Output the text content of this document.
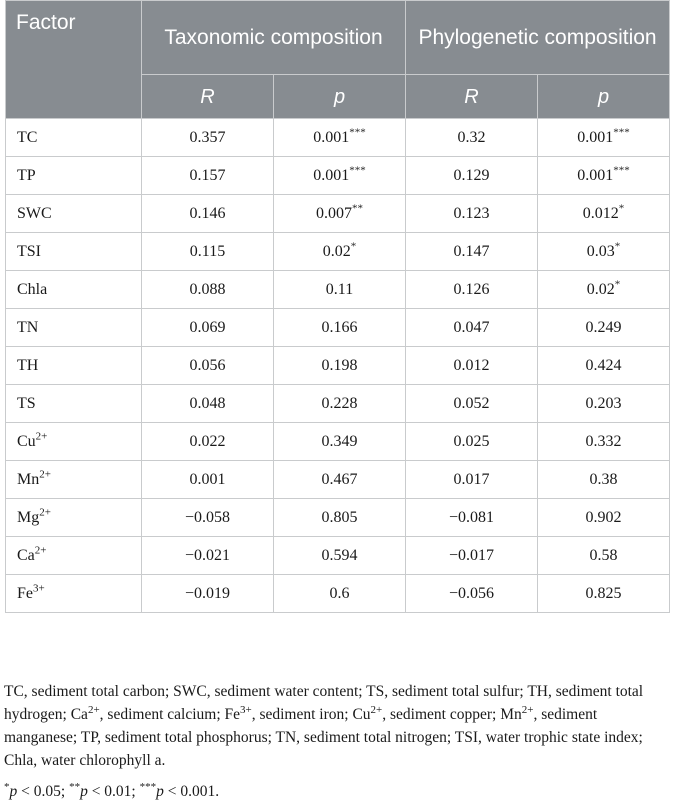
Factor	Taxonomic composition		Phylogenetic composition	
	R	p	R	p
TC	0.357	0.001***	0.32	0.001***
TP	0.157	0.001***	0.129	0.001***
SWC	0.146	0.007**	0.123	0.012*
TSI	0.115	0.02*	0.147	0.03*
Chla	0.088	0.11	0.126	0.02*
TN	0.069	0.166	0.047	0.249
TH	0.056	0.198	0.012	0.424
TS	0.048	0.228	0.052	0.203
$Cu^{2+}$	0.022	0.349	0.025	0.332
$Mn^{2+}$	0.001	0.467	0.017	0.38
$Mg^{2+}$	−0.058	0.805	−0.081	0.902
$Ca^{2+}$	−0.021	0.594	−0.017	0.58
$Fe^{3+}$	−0.019	0.6	−0.056	0.825

TC, sediment total carbon; SWC, sediment water content; TS, sediment total sulfur; TH, sediment total hydrogen; $Ca^{2+}$, sediment calcium; $Fe^{3+}$, sediment iron; $Cu^{2+}$, sediment copper; $Mn^{2+}$, sediment manganese; TP, sediment total phosphorus; TN, sediment total nitrogen; TSI, water trophic state index; Chla, water chlorophyll a.

*p < 0.05; **p < 0.01; ***p < 0.001.
